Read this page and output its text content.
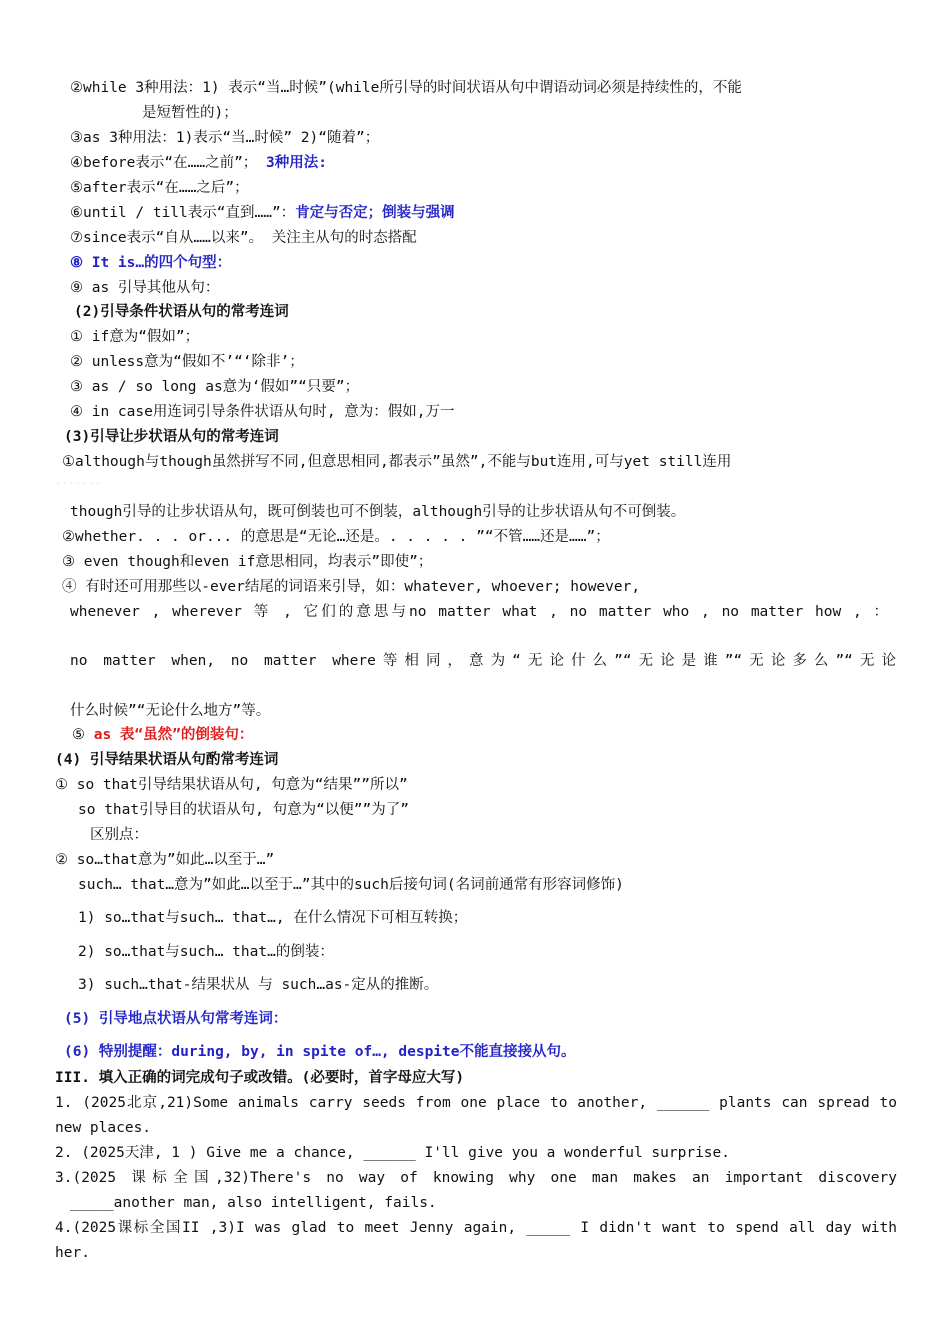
②while 3种用法：1) 表示“当…时候”(while所引导的时间状语从句中谓语动词必须是持续性的，不能
是短暂性的)；
③as 3种用法：1)表示“当…时候” 2)“随着”；
④before表示“在……之前”； 3种用法:
⑤after表示“在……之后”；
⑥until / till表示“直到……”：肯定与否定；倒装与强调
⑦since表示“自从……以来”。 关注主从句的时态搭配
⑧ It is…的四个句型：
⑨ as 引导其他从句：
(2)引导条件状语从句的常考连词
① if意为“假如”；
② unless意为“假如不’“‘除非’；
③ as / so long as意为‘假如”“只要”；
④ in case用连词引导条件状语从句时, 意为：假如,万一
(3)引导让步状语从句的常考连词
①although与though虽然拼写不同,但意思相同,都表示”虽然”,不能与but连用,可与yet still连用
·······
though引导的让步状语从句，既可倒装也可不倒装，although引导的让步状语从句不可倒装。
②whether. . . or... 的意思是“无论…还是。. . . . . ”“不管……还是……”；
③ even though和even if意思相同，均表示”即使”；
④ 有时还可用那些以-ever结尾的词语来引导，如：whatever, whoever; however,
whenever , wherever 等 , 它们的意思与no matter what , no matter who , no matter how , ：
no matter when, no matter where等相同，意为“无论什么”“无论是谁”“无论多么”“无论
什么时候”“无论什么地方”等。
⑤ as 表“虽然”的倒装句：
(4) 引导结果状语从句酌常考连词
① so that引导结果状语从句, 句意为“结果””所以”
so that引导目的状语从句, 句意为“以便””为了”
区别点：
② so…that意为”如此…以至于…”
such… that…意为”如此…以至于…”其中的such后接句词(名词前通常有形容词修饰)
1) so…that与such… that…, 在什么情况下可相互转换；
2) so…that与such… that…的倒装：
3) such…that-结果状从 与 such…as-定从的推断。
(5) 引导地点状语从句常考连词：
(6) 特别提醒：during, by, in spite of…, despite不能直接接从句。
III. 填入正确的词完成句子或改错。(必要时，首字母应大写)
1. (2025北京,21)Some animals carry seeds from one place to another, ______ plants can spread to
new places.
2. (2025天津, 1 ) Give me a chance, ______ I'll give you a wonderful surprise.
3.(2025 课标全国,32)There's no way of knowing why one man makes an important discovery
_____another man, also intelligent, fails.
4.(2025课标全国II ,3)I was glad to meet Jenny again, _____ I didn't want to spend all day with
her.
